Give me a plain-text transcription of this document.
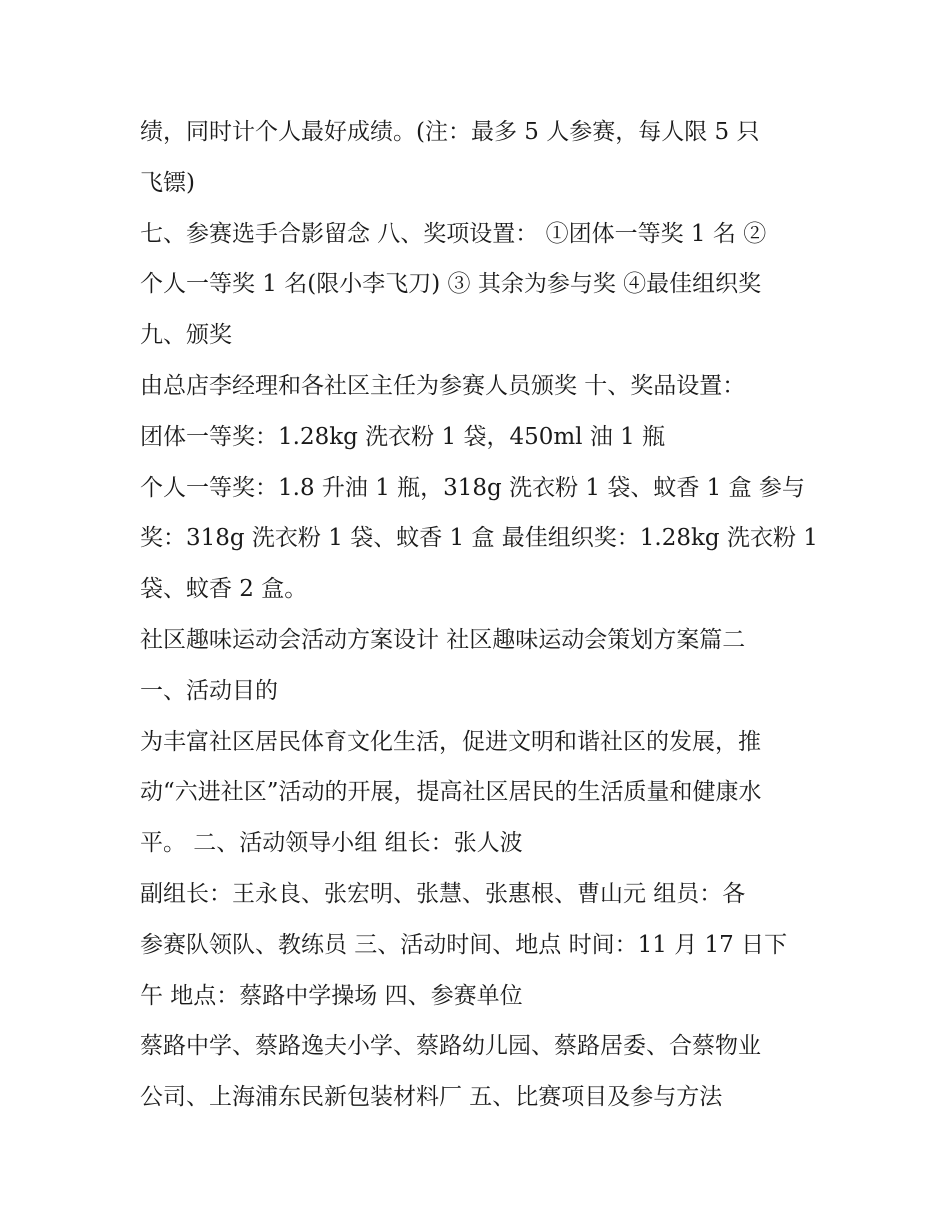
绩，同时计个人最好成绩。(注：最多 5 人参赛，每人限 5 只
飞镖)
七、参赛选手合影留念 八、奖项设置： ①团体一等奖 1 名 ②
个人一等奖 1 名(限小李飞刀) ③ 其余为参与奖 ④最佳组织奖
九、颁奖
由总店李经理和各社区主任为参赛人员颁奖 十、奖品设置：
团体一等奖：1.28kg 洗衣粉 1 袋，450ml 油 1 瓶
个人一等奖：1.8 升油 1 瓶，318g 洗衣粉 1 袋、蚊香 1 盒 参与
奖：318g 洗衣粉 1 袋、蚊香 1 盒 最佳组织奖：1.28kg 洗衣粉 1
袋、蚊香 2 盒。
社区趣味运动会活动方案设计 社区趣味运动会策划方案篇二
一、活动目的
为丰富社区居民体育文化生活，促进文明和谐社区的发展，推
动“六进社区”活动的开展，提高社区居民的生活质量和健康水
平。 二、活动领导小组 组长：张人波
副组长：王永良、张宏明、张慧、张惠根、曹山元 组员：各
参赛队领队、教练员 三、活动时间、地点 时间：11 月 17 日下
午 地点：蔡路中学操场 四、参赛单位
蔡路中学、蔡路逸夫小学、蔡路幼儿园、蔡路居委、合蔡物业
公司、上海浦东民新包装材料厂 五、比赛项目及参与方法
